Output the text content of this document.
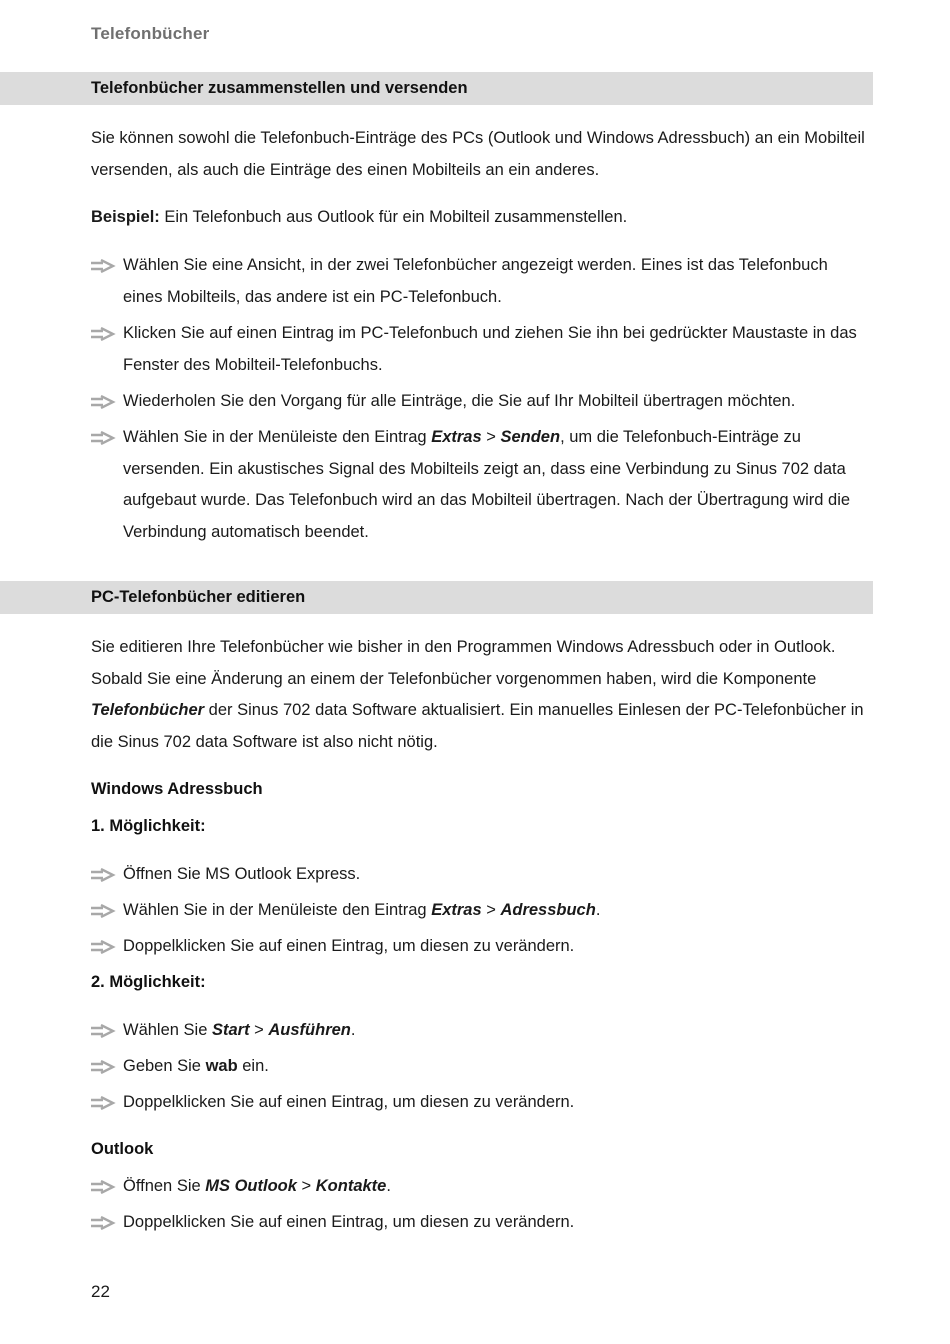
Telefonbücher
Telefonbücher zusammenstellen und versenden
Sie können sowohl die Telefonbuch-Einträge des PCs (Outlook und Windows Adressbuch) an ein Mobilteil versenden, als auch die Einträge des einen Mobilteils an ein anderes.
Beispiel: Ein Telefonbuch aus Outlook für ein Mobilteil zusammenstellen.
Wählen Sie eine Ansicht, in der zwei Telefonbücher angezeigt werden. Eines ist das Telefonbuch eines Mobilteils, das andere ist ein PC-Telefonbuch.
Klicken Sie auf einen Eintrag im PC-Telefonbuch und ziehen Sie ihn bei gedrückter Maustaste in das Fenster des Mobilteil-Telefonbuchs.
Wiederholen Sie den Vorgang für alle Einträge, die Sie auf Ihr Mobilteil übertragen möchten.
Wählen Sie in der Menüleiste den Eintrag Extras > Senden, um die Telefonbuch-Einträge zu versenden. Ein akustisches Signal des Mobilteils zeigt an, dass eine Verbindung zu Sinus 702 data aufgebaut wurde. Das Telefonbuch wird an das Mobilteil übertragen. Nach der Übertragung wird die Verbindung automatisch beendet.
PC-Telefonbücher editieren
Sie editieren Ihre Telefonbücher wie bisher in den Programmen Windows Adressbuch oder in Outlook. Sobald Sie eine Änderung an einem der Telefonbücher vorgenommen haben, wird die Komponente Telefonbücher der Sinus 702 data Software aktualisiert. Ein manuelles Einlesen der PC-Telefonbücher in die Sinus 702 data Software ist also nicht nötig.
Windows Adressbuch
1. Möglichkeit:
Öffnen Sie MS Outlook Express.
Wählen Sie in der Menüleiste den Eintrag Extras > Adressbuch.
Doppelklicken Sie auf einen Eintrag, um diesen zu verändern.
2. Möglichkeit:
Wählen Sie Start > Ausführen.
Geben Sie wab ein.
Doppelklicken Sie auf einen Eintrag, um diesen zu verändern.
Outlook
Öffnen Sie MS Outlook > Kontakte.
Doppelklicken Sie auf einen Eintrag, um diesen zu verändern.
22
